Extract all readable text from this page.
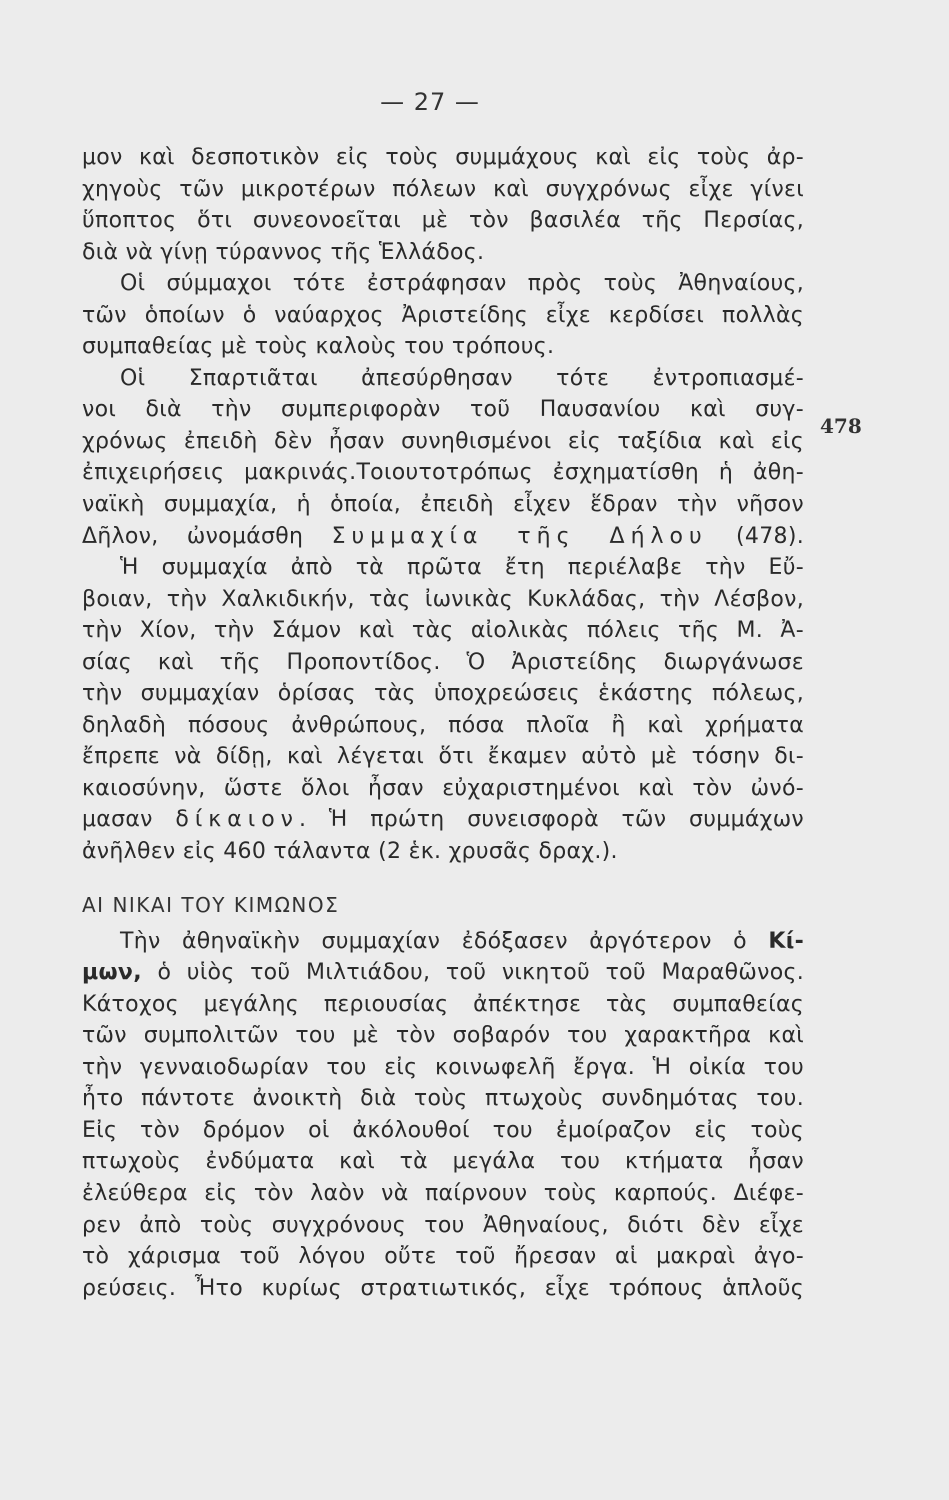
— 27 —
478
μον καὶ δεσποτικὸν εἰς τοὺς συμμάχους καὶ εἰς τοὺς ἀρ-
χηγοὺς τῶν μικροτέρων πόλεων καὶ συγχρόνως εἶχε γίνει
ὕποπτος ὅτι συνεονοεῖται μὲ τὸν βασιλέα τῆς Περσίας,
διὰ νὰ γίνῃ τύραννος τῆς Ἑλλάδος.
Οἱ σύμμαχοι τότε ἐστράφησαν πρὸς τοὺς Ἀθηναίους,
τῶν ὁποίων ὁ ναύαρχος Ἀριστείδης εἶχε κερδίσει πολλὰς
συμπαθείας μὲ τοὺς καλοὺς του τρόπους.
Οἱ Σπαρτιᾶται ἀπεσύρθησαν τότε ἐντροπιασμέ-
νοι διὰ τὴν συμπεριφορὰν τοῦ Παυσανίου καὶ συγ-
χρόνως ἐπειδὴ δὲν ἦσαν συνηθισμένοι εἰς ταξίδια καὶ εἰς
ἐπιχειρήσεις μακρινάς.Τοιουτοτρόπως ἐσχηματίσθη ἡ ἀθη-
ναϊκὴ συμμαχία, ἡ ὁποία, ἐπειδὴ εἶχεν ἕδραν τὴν νῆσον
Δῆλον, ὠνομάσθη Συμμαχία τῆς Δήλου (478).
Ἡ συμμαχία ἀπὸ τὰ πρῶτα ἔτη περιέλαβε τὴν Εὔ-
βοιαν, τὴν Χαλκιδικήν, τὰς ἰωνικὰς Κυκλάδας, τὴν Λέσβον,
τὴν Χίον, τὴν Σάμον καὶ τὰς αἰολικὰς πόλεις τῆς Μ. Ἀ-
σίας καὶ τῆς Προποντίδος. Ὁ Ἀριστείδης διωργάνωσε
τὴν συμμαχίαν ὁρίσας τὰς ὑποχρεώσεις ἑκάστης πόλεως,
δηλαδὴ πόσους ἀνθρώπους, πόσα πλοῖα ἢ καὶ χρήματα
ἔπρεπε νὰ δίδῃ, καὶ λέγεται ὅτι ἔκαμεν αὐτὸ μὲ τόσην δι-
καιοσύνην, ὥστε ὅλοι ἦσαν εὐχαριστημένοι καὶ τὸν ὠνό-
μασαν δίκαιον. Ἡ πρώτη συνεισφορὰ τῶν συμμάχων
ἀνῆλθεν εἰς 460 τάλαντα (2 ἑκ. χρυσᾶς δραχ.).
ΑΙ ΝΙΚΑΙ ΤΟΥ ΚΙΜΩΝΟΣ
Τὴν ἀθηναϊκὴν συμμαχίαν ἐδόξασεν ἀργότερον ὁ Κί-
μων, ὁ υἱὸς τοῦ Μιλτιάδου, τοῦ νικητοῦ τοῦ Μαραθῶνος.
Κάτοχος μεγάλης περιουσίας ἀπέκτησε τὰς συμπαθείας
τῶν συμπολιτῶν του μὲ τὸν σοβαρόν του χαρακτῆρα καὶ
τὴν γενναιοδωρίαν του εἰς κοινωφελῆ ἔργα. Ἡ οἰκία του
ἦτο πάντοτε ἀνοικτὴ διὰ τοὺς πτωχοὺς συνδημότας του.
Εἰς τὸν δρόμον οἱ ἀκόλουθοί του ἐμοίραζον εἰς τοὺς
πτωχοὺς ἐνδύματα καὶ τὰ μεγάλα του κτήματα ἦσαν
ἐλεύθερα εἰς τὸν λαὸν νὰ παίρνουν τοὺς καρπούς. Διέφε-
ρεν ἀπὸ τοὺς συγχρόνους του Ἀθηναίους, διότι δὲν εἶχε
τὸ χάρισμα τοῦ λόγου οὔτε τοῦ ἤρεσαν αἱ μακραὶ ἀγο-
ρεύσεις. Ἦτο κυρίως στρατιωτικός, εἶχε τρόπους ἁπλοῦς
